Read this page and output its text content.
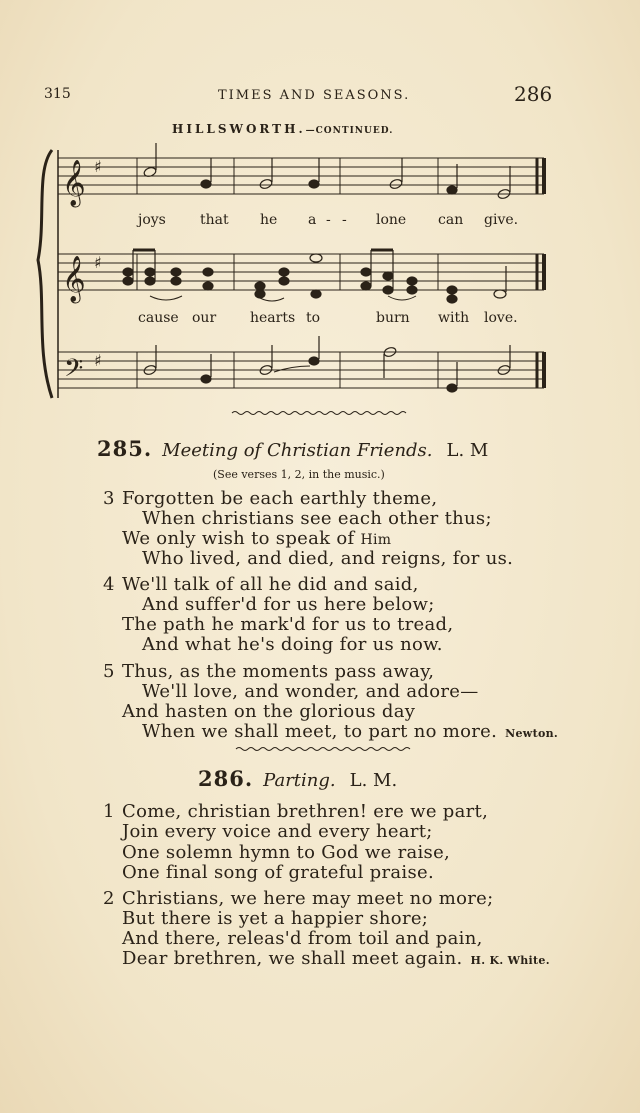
315	TIMES AND SEASONS.	286
HILLSWORTH.—CONTINUED.
𝄞
𝄞
𝄢
♯
♯
♯
joys that he a - - lone can give.
cause our hearts to	burn with love.
285. Meeting of Christian Friends. L. M
(See verses 1, 2, in the music.)
3 Forgotten be each earthly theme,
When christians see each other thus;
We only wish to speak of Him
Who lived, and died, and reigns, for us.
4 We'll talk of all he did and said,
And suffer'd for us here below;
The path he mark'd for us to tread,
And what he's doing for us now.
5 Thus, as the moments pass away,
We'll love, and wonder, and adore—
And hasten on the glorious day
When we shall meet, to part no more. Newton.
286. Parting. L. M.
1 Come, christian brethren! ere we part,
Join every voice and every heart;
One solemn hymn to God we raise,
One final song of grateful praise.
2 Christians, we here may meet no more;
But there is yet a happier shore;
And there, releas'd from toil and pain,
Dear brethren, we shall meet again. H. K. White.
